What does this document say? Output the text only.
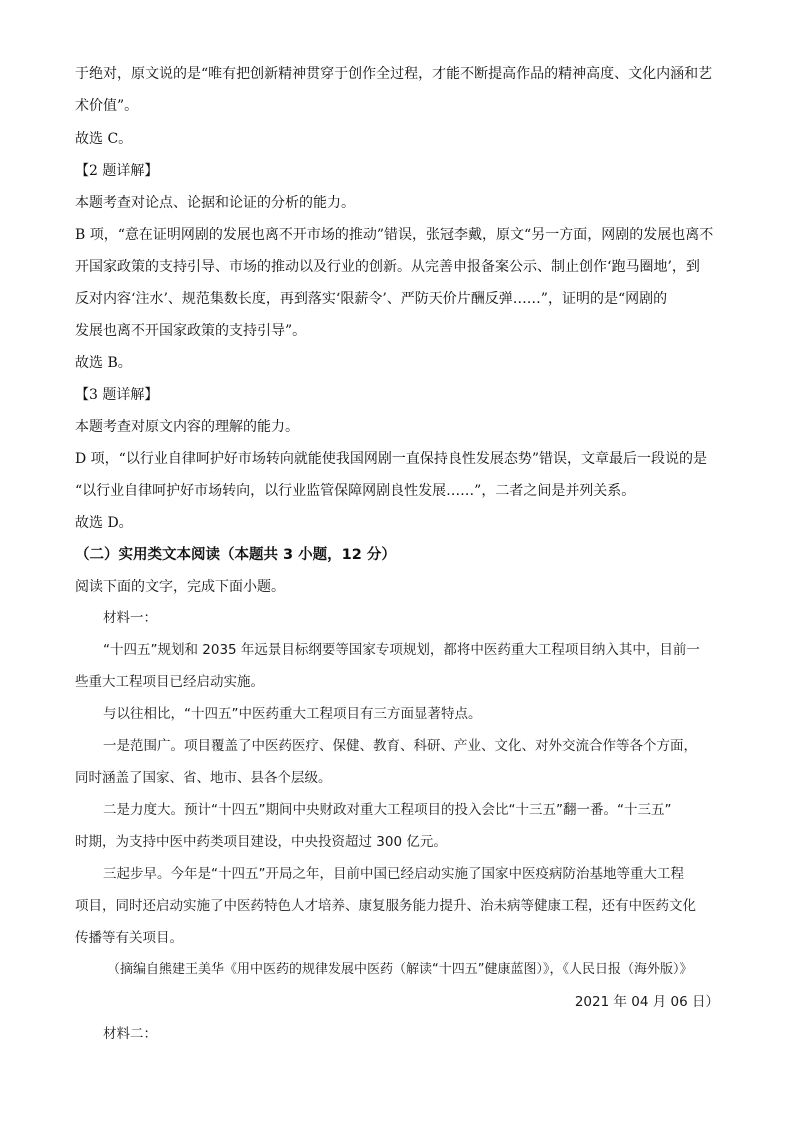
于绝对，原文说的是“唯有把创新精神贯穿于创作全过程，才能不断提高作品的精神高度、文化内涵和艺
术价值”。
故选 C。
【2 题详解】
本题考查对论点、论据和论证的分析的能力。
B 项，“意在证明网剧的发展也离不开市场的推动”错误，张冠李戴，原文“另一方面，网剧的发展也离不
开国家政策的支持引导、市场的推动以及行业的创新。从完善申报备案公示、制止创作‘跑马圈地’，到
反对内容‘注水’、规范集数长度，再到落实‘限薪令’、严防天价片酬反弹……”，证明的是“网剧的
发展也离不开国家政策的支持引导”。
故选 B。
【3 题详解】
本题考查对原文内容的理解的能力。
D 项，“以行业自律呵护好市场转向就能使我国网剧一直保持良性发展态势”错误，文章最后一段说的是
“以行业自律呵护好市场转向，以行业监管保障网剧良性发展……”，二者之间是并列关系。
故选 D。
（二）实用类文本阅读（本题共 3 小题，12 分）
阅读下面的文字，完成下面小题。
材料一：
“十四五”规划和 2035 年远景目标纲要等国家专项规划，都将中医药重大工程项目纳入其中，目前一
些重大工程项目已经启动实施。
与以往相比，“十四五”中医药重大工程项目有三方面显著特点。
一是范围广。项目覆盖了中医药医疗、保健、教育、科研、产业、文化、对外交流合作等各个方面，
同时涵盖了国家、省、地市、县各个层级。
二是力度大。预计“十四五”期间中央财政对重大工程项目的投入会比“十三五”翻一番。“十三五”
时期，为支持中医中药类项目建设，中央投资超过 300 亿元。
三起步早。今年是“十四五”开局之年，目前中国已经启动实施了国家中医疫病防治基地等重大工程
项目，同时还启动实施了中医药特色人才培养、康复服务能力提升、治未病等健康工程，还有中医药文化
传播等有关项目。
（摘编自熊建王美华《用中医药的规律发展中医药（解读“十四五”健康蓝图）》，《人民日报（海外版）》
2021 年 04 月 06 日）
材料二：
